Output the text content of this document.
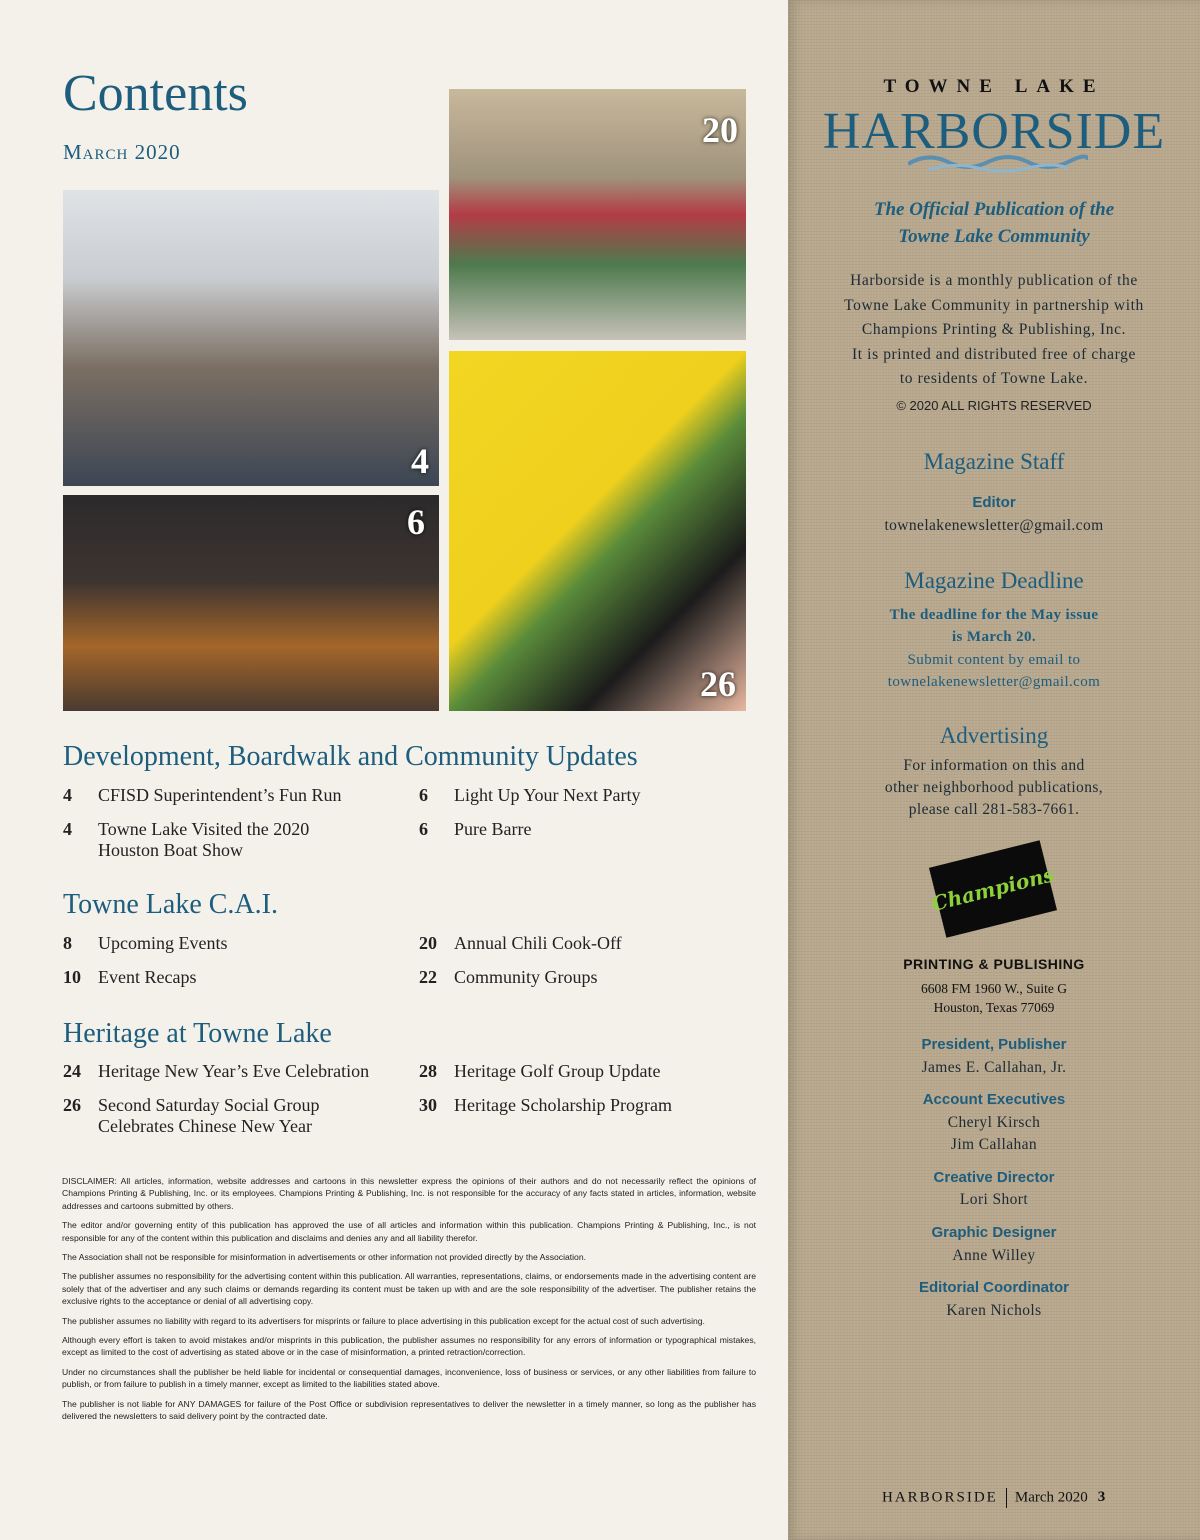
Contents
March 2020
4
6
20
26
Development, Boardwalk and Community Updates
4	CFISD Superintendent’s Fun Run
4	Towne Lake Visited the 2020 Houston Boat Show
6	Light Up Your Next Party
6	Pure Barre
Towne Lake C.A.I.
8	Upcoming Events
10 Event Recaps
20 Annual Chili Cook-Off
22 Community Groups
Heritage at Towne Lake
24 Heritage New Year’s Eve Celebration
26 Second Saturday Social Group Celebrates Chinese New Year
28 Heritage Golf Group Update
30 Heritage Scholarship Program

DISCLAIMER: All articles, information, website addresses and cartoons in this newsletter express the opinions of their authors and do not necessarily reflect the opinions of Champions Printing & Publishing, Inc. or its employees. Champions Printing & Publishing, Inc. is not responsible for the accuracy of any facts stated in articles, information, website addresses and cartoons submitted by others.

The editor and/or governing entity of this publication has approved the use of all articles and information within this publication. Champions Printing & Publishing, Inc., is not responsible for any of the content within this publication and disclaims and denies any and all liability therefor.

The Association shall not be responsible for misinformation in advertisements or other information not provided directly by the Association.

The publisher assumes no responsibility for the advertising content within this publication. All warranties, representations, claims, or endorsements made in the advertising content are solely that of the advertiser and any such claims or demands regarding its content must be taken up with and are the sole responsibility of the advertiser. The publisher retains the exclusive rights to the acceptance or denial of all advertising copy.

The publisher assumes no liability with regard to its advertisers for misprints or failure to place advertising in this publication except for the actual cost of such advertising.

Although every effort is taken to avoid mistakes and/or misprints in this publication, the publisher assumes no responsibility for any errors of information or typographical mistakes, except as limited to the cost of advertising as stated above or in the case of misinformation, a printed retraction/correction.

Under no circumstances shall the publisher be held liable for incidental or consequential damages, inconvenience, loss of business or services, or any other liabilities from failure to publish, or from failure to publish in a timely manner, except as limited to the liabilities stated above.

The publisher is not liable for ANY DAMAGES for failure of the Post Office or subdivision representatives to deliver the newsletter in a timely manner, so long as the publisher has delivered the newsletters to said delivery point by the contracted date.

TOWNE LAKE
HARBORSIDE
The Official Publication of the
Towne Lake Community
Harborside is a monthly publication of the
Towne Lake Community in partnership with
Champions Printing & Publishing, Inc.
It is printed and distributed free of charge
to residents of Towne Lake.
© 2020 ALL RIGHTS RESERVED
Magazine Staff
Editor
townelakenewsletter@gmail.com
Magazine Deadline
The deadline for the May issue
is March 20.
Submit content by email to
townelakenewsletter@gmail.com
Advertising
For information on this and
other neighborhood publications,
please call 281-583-7661.
Champions
PRINTING & PUBLISHING
6608 FM 1960 W., Suite G
Houston, Texas 77069
President, Publisher
James E. Callahan, Jr.
Account Executives
Cheryl Kirsch
Jim Callahan
Creative Director
Lori Short
Graphic Designer
Anne Willey
Editorial Coordinator
Karen Nichols
HARBORSIDE March 2020 3
